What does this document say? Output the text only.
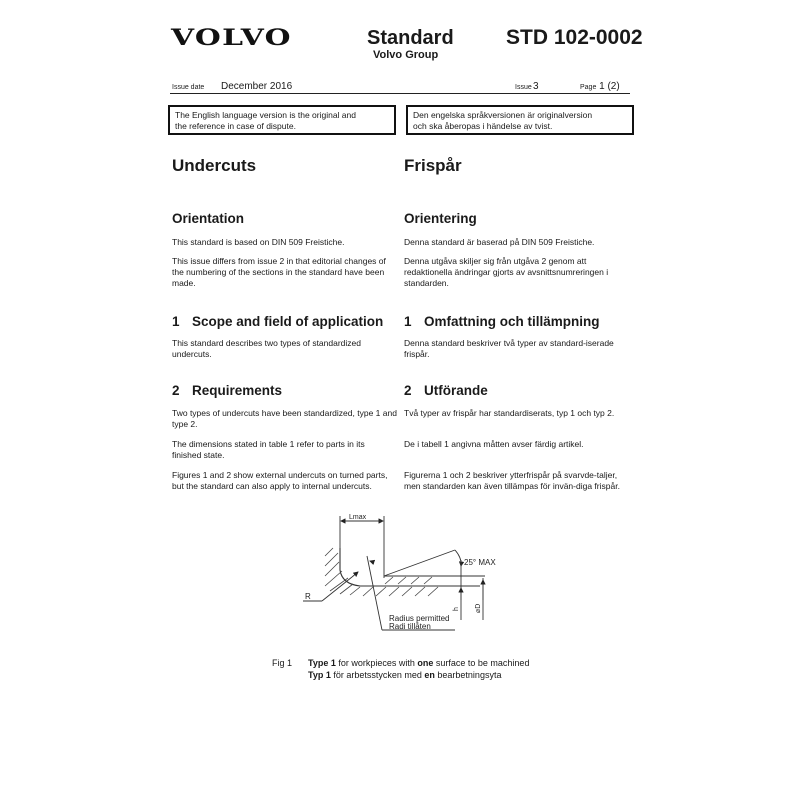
VOLVO	Standard
Volvo Group
STD 102-0002
Issue date December 2016	Issue 3	Page 1 (2)
The English language version is the original and
the reference in case of dispute.
Den engelska språkversionen är originalversion
och ska åberopas i händelse av tvist.
Undercuts	Frispår
Orientation	Orientering
This standard is based on DIN 509 Freistiche.	Denna standard är baserad på DIN 509 Freistiche.
This issue differs from issue 2 in that editorial changes of the numbering of the sections in the standard have been made.
Denna utgåva skiljer sig från utgåva 2 genom att redaktionella ändringar gjorts av avsnittsnumreringen i standarden.
1 Scope and field of application 1 Omfattning och tillämpning
This standard describes two types of standardized undercuts.
Denna standard beskriver två typer av standard-iserade frispår.
2 Requirements	2 Utförande
Two types of undercuts have been standardized, type 1 and type 2.
Två typer av frispår har standardiserats, typ 1 och typ 2.
The dimensions stated in table 1 refer to parts in its finished state.
De i tabell 1 angivna måtten avser färdig artikel.
Figures 1 and 2 show external undercuts on turned parts, but the standard can also apply to internal undercuts.
Figurerna 1 och 2 beskriver ytterfrispår på svarvde-taljer, men standarden kan även tillämpas för invän-diga frispår.
Lmax
25° MAX
R
h ⌀D
Radius permitted
Radi tillåten
Fig 1 Type 1 for workpieces with one surface to be machined
Typ 1 för arbetsstycken med en bearbetningsyta
